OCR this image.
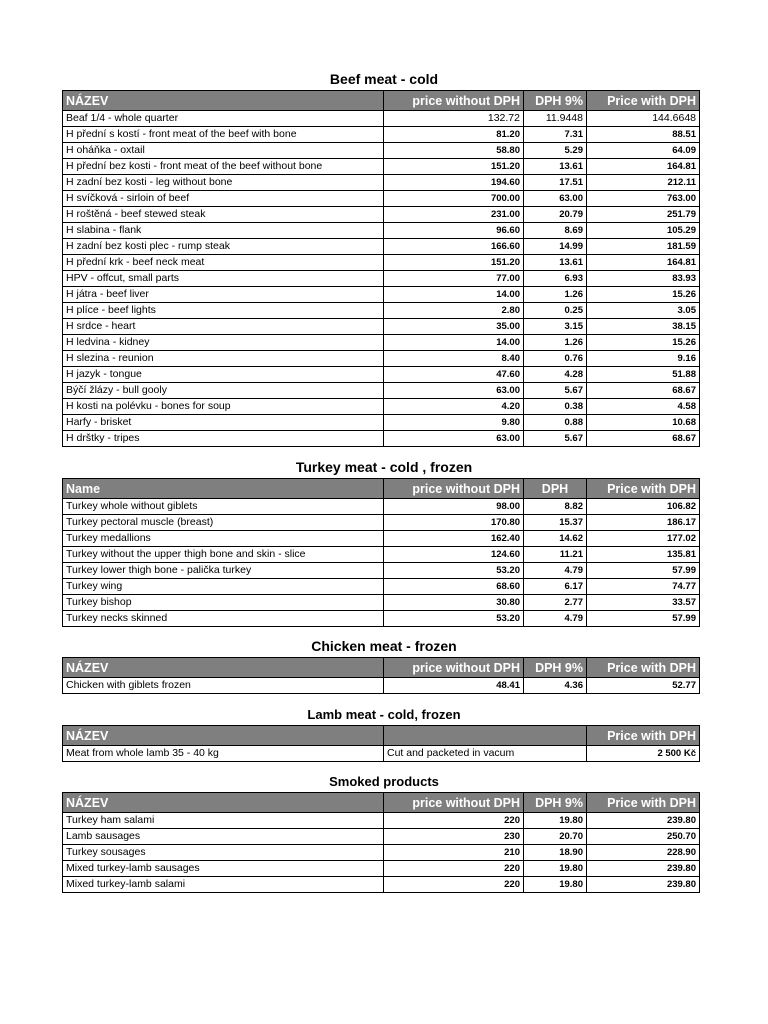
Beef meat - cold
NÁZEV	price without DPH	DPH 9%	Price with DPH
Beaf 1/4 - whole quarter	132.72	11.9448	144.6648
H přední s kostí - front meat of the beef with bone	81.20	7.31	88.51
H oháňka - oxtail	58.80	5.29	64.09
H přední bez kosti - front meat of the beef without bone	151.20	13.61	164.81
H zadní bez kosti - leg without bone	194.60	17.51	212.11
H svíčková - sirloin of beef	700.00	63.00	763.00
H roštěná - beef stewed steak	231.00	20.79	251.79
H slabina - flank	96.60	8.69	105.29
H zadní bez kosti plec - rump steak	166.60	14.99	181.59
H přední krk - beef neck meat	151.20	13.61	164.81
HPV - offcut, small parts	77.00	6.93	83.93
H játra - beef liver	14.00	1.26	15.26
H plíce - beef lights	2.80	0.25	3.05
H srdce - heart	35.00	3.15	38.15
H ledvina - kidney	14.00	1.26	15.26
H slezina - reunion	8.40	0.76	9.16
H jazyk - tongue	47.60	4.28	51.88
Býčí žlázy - bull gooly	63.00	5.67	68.67
H kosti na polévku - bones for soup	4.20	0.38	4.58
Harfy - brisket	9.80	0.88	10.68
H drštky - tripes	63.00	5.67	68.67
Turkey meat - cold , frozen
Name	price without DPH	DPH	Price with DPH
Turkey whole without giblets	98.00	8.82	106.82
Turkey pectoral muscle (breast)	170.80	15.37	186.17
Turkey medallions	162.40	14.62	177.02
Turkey without the upper thigh bone and skin - slice	124.60	11.21	135.81
Turkey lower thigh bone - palička turkey	53.20	4.79	57.99
Turkey wing	68.60	6.17	74.77
Turkey bishop	30.80	2.77	33.57
Turkey necks skinned	53.20	4.79	57.99
Chicken meat - frozen
NÁZEV	price without DPH	DPH 9%	Price with DPH
Chicken with giblets frozen	48.41	4.36	52.77
Lamb meat - cold, frozen
NÁZEV		Price with DPH
Meat from whole lamb 35 - 40 kg	Cut and packeted in vacum	2 500 Kč
Smoked products
NÁZEV	price without DPH	DPH 9%	Price with DPH
Turkey ham salami	220	19.80	239.80
Lamb sausages	230	20.70	250.70
Turkey sousages	210	18.90	228.90
Mixed turkey-lamb sausages	220	19.80	239.80
Mixed turkey-lamb salami	220	19.80	239.80
